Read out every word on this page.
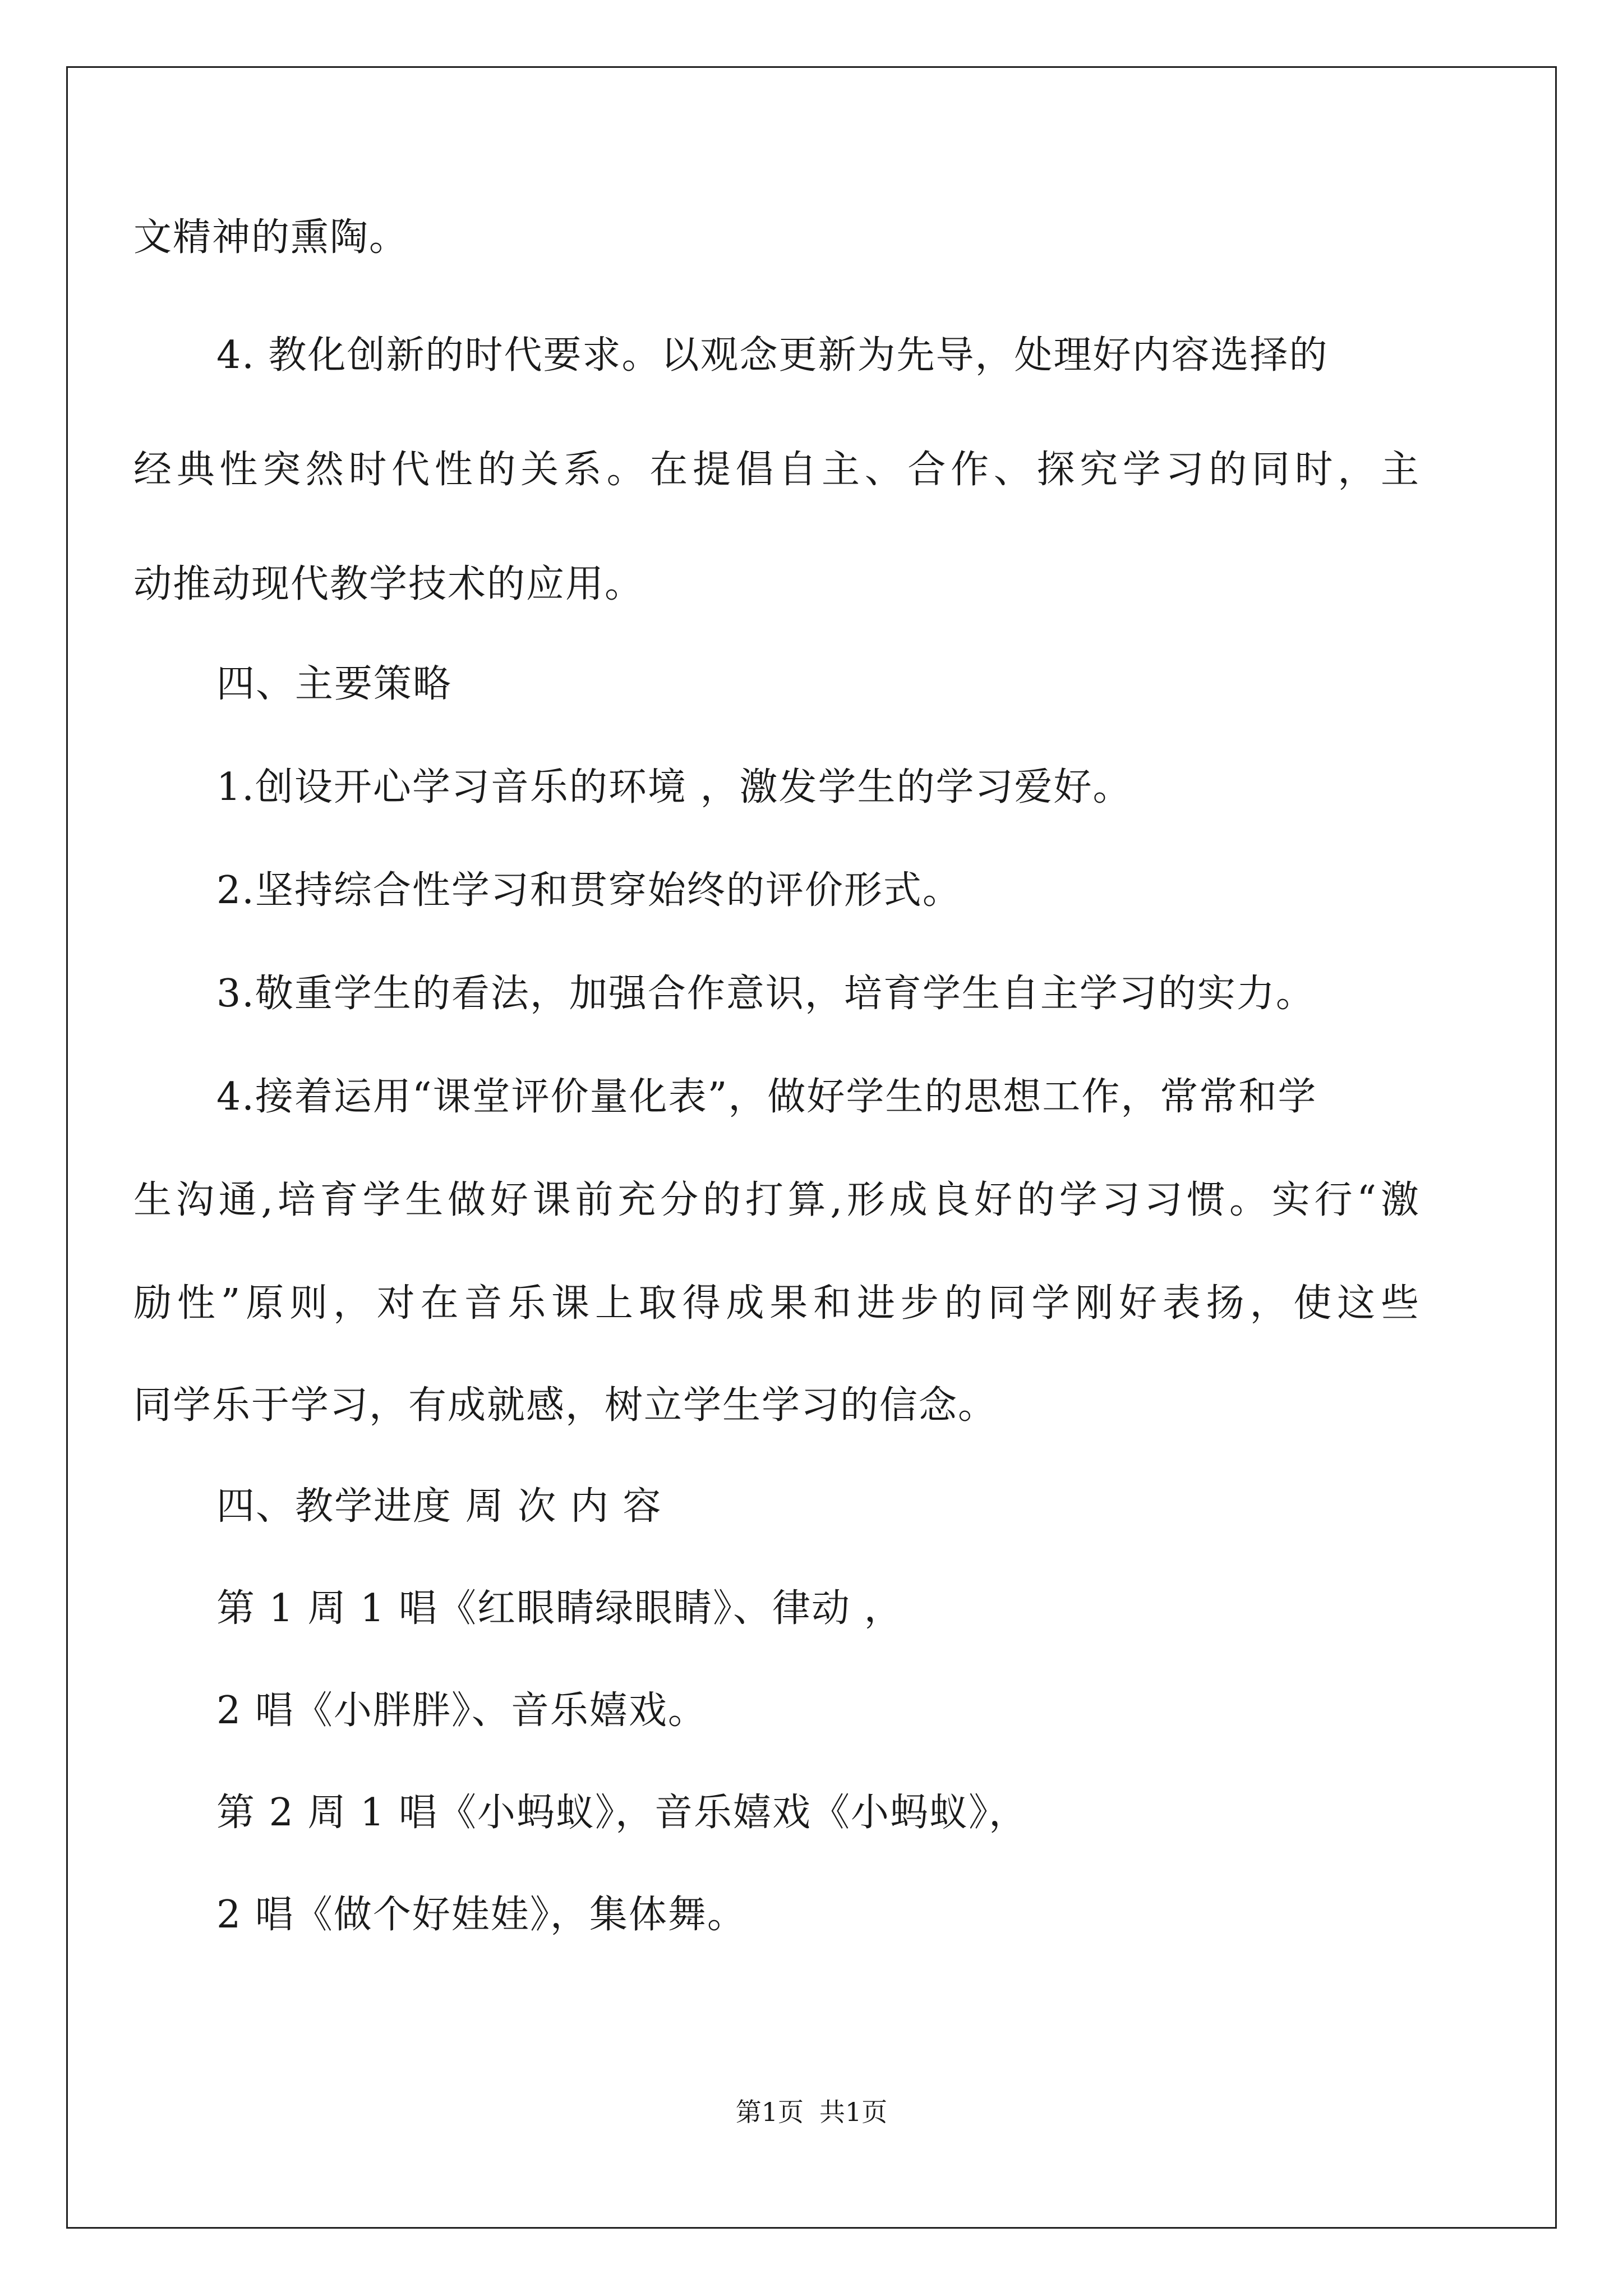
文精神的熏陶。
4. 教化创新的时代要求。以观念更新为先导，处理好内容选择的
经典性突然时代性的关系。在提倡自主、合作、探究学习的同时，主
动推动现代教学技术的应用。
四、主要策略
1.创设开心学习音乐的环境 ，激发学生的学习爱好。
2.坚持综合性学习和贯穿始终的评价形式。
3.敬重学生的看法，加强合作意识，培育学生自主学习的实力。
4.接着运用“课堂评价量化表”，做好学生的思想工作，常常和学
生沟通,培育学生做好课前充分的打算,形成良好的学习习惯。实行“激
励性”原则，对在音乐课上取得成果和进步的同学刚好表扬，使这些
同学乐于学习，有成就感，树立学生学习的信念。
四、教学进度 周 次 内 容
第 1 周 1 唱《红眼睛绿眼睛》、律动 ，
2 唱《小胖胖》、音乐嬉戏。
第 2 周 1 唱《小蚂蚁》，音乐嬉戏《小蚂蚁》，
2 唱《做个好娃娃》，集体舞。
第1页 共1页
